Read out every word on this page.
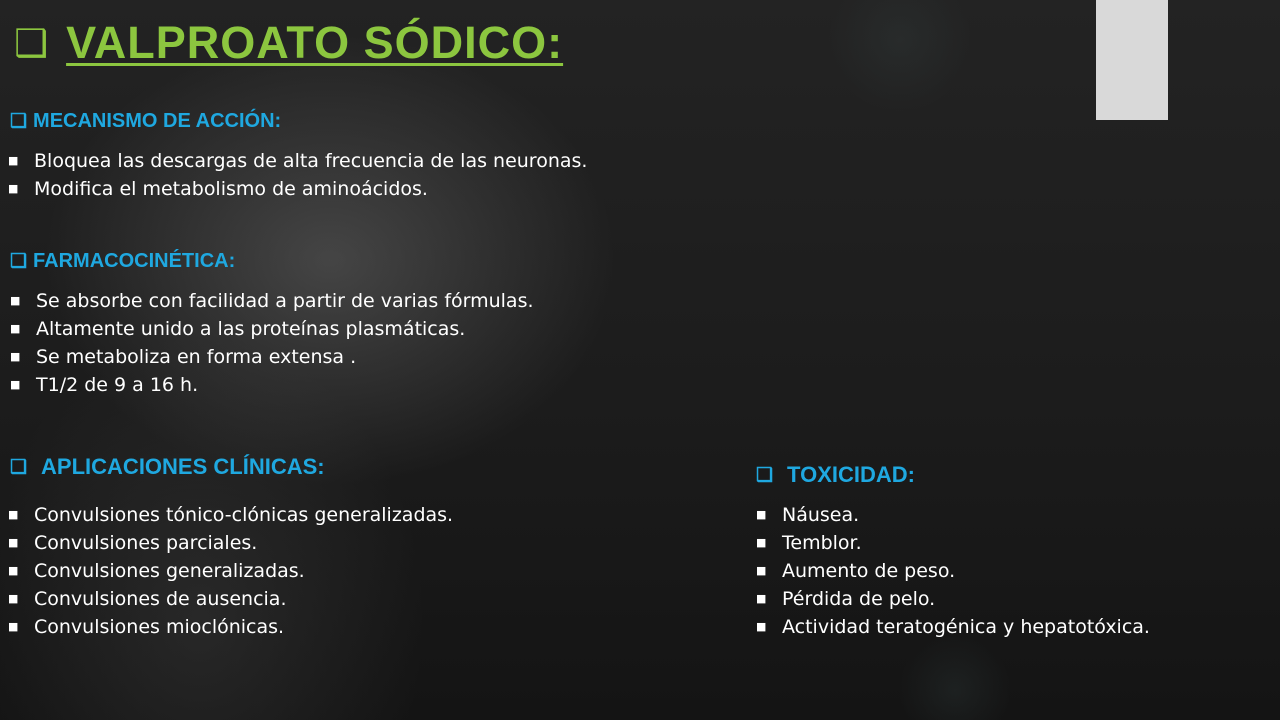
❑ VALPROATO SÓDICO:
❑ MECANISMO DE ACCIÓN:
■ Bloquea las descargas de alta frecuencia de las neuronas.
■ Modifica el metabolismo de aminoácidos.
❑ FARMACOCINÉTICA:
■ Se absorbe con facilidad a partir de varias fórmulas.
■ Altamente unido a las proteínas plasmáticas.
■ Se metaboliza en forma extensa .
■ T1/2 de 9 a 16 h.
❑ APLICACIONES CLÍNICAS:
■ Convulsiones tónico-clónicas generalizadas.
■ Convulsiones parciales.
■ Convulsiones generalizadas.
■ Convulsiones de ausencia.
■ Convulsiones mioclónicas.
❑ TOXICIDAD:
■ Náusea.
■ Temblor.
■ Aumento de peso.
■ Pérdida de pelo.
■ Actividad teratogénica y hepatotóxica.
